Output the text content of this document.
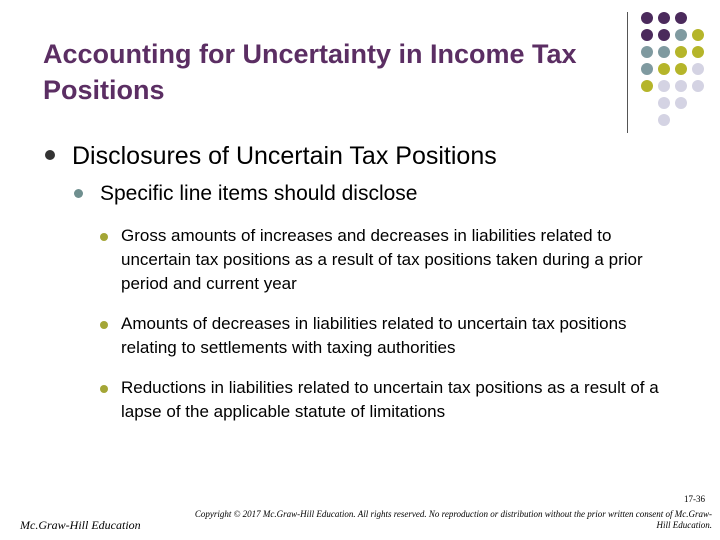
Accounting for Uncertainty in Income Tax Positions
Disclosures of Uncertain Tax Positions
Specific line items should disclose
Gross amounts of increases and decreases in liabilities related to uncertain tax positions as a result of tax positions taken during a prior period and current year
Amounts of decreases in liabilities related to uncertain tax positions relating to settlements with taxing authorities
Reductions in liabilities related to uncertain tax positions as a result of a lapse of the applicable statute of limitations
Mc.Graw-Hill Education
17-36
Copyright © 2017 Mc.Graw-Hill Education. All rights reserved. No reproduction or distribution without the prior written consent of Mc.Graw-Hill Education.
